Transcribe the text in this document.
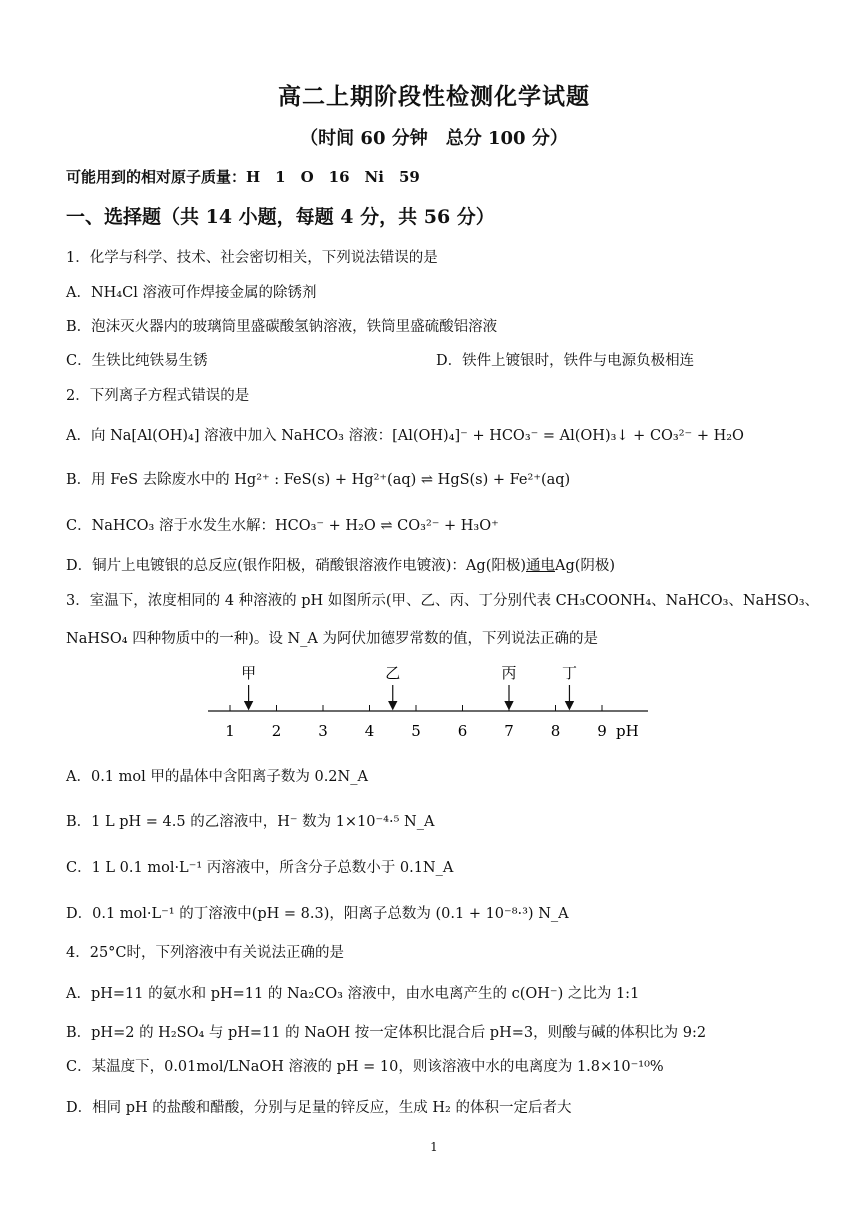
高二上期阶段性检测化学试题
（时间 60 分钟　总分 100 分）
可能用到的相对原子质量：H　1　O　16　Ni　59
一、选择题（共 14 小题，每题 4 分，共 56 分）
1．化学与科学、技术、社会密切相关，下列说法错误的是
A．NH₄Cl 溶液可作焊接金属的除锈剂
B．泡沫灭火器内的玻璃筒里盛碳酸氢钠溶液，铁筒里盛硫酸铝溶液
C．生铁比纯铁易生锈	D．铁件上镀银时，铁件与电源负极相连
2．下列离子方程式错误的是
A．向 Na[Al(OH)₄] 溶液中加入 NaHCO₃ 溶液：[Al(OH)₄]⁻ + HCO₃⁻ = Al(OH)₃↓ + CO₃²⁻ + H₂O
B．用 FeS 去除废水中的 Hg²⁺ : FeS(s) + Hg²⁺(aq) ⇌ HgS(s) + Fe²⁺(aq)
C．NaHCO₃ 溶于水发生水解：HCO₃⁻ + H₂O ⇌ CO₃²⁻ + H₃O⁺
D．铜片上电镀银的总反应(银作阳极，硝酸银溶液作电镀液)：Ag(阳极)通电Ag(阴极)
3．室温下，浓度相同的 4 种溶液的 pH 如图所示(甲、乙、丙、丁分别代表 CH₃COONH₄、NaHCO₃、NaHSO₃、
NaHSO₄ 四种物质中的一种)。设 N_A 为阿伏加德罗常数的值，下列说法正确的是
1 2 3 4 5 6 7 8 9 pH
甲	乙	丙	丁
A．0.1 mol 甲的晶体中含阳离子数为 0.2N_A
B．1 L pH = 4.5 的乙溶液中，H⁻ 数为 1×10⁻⁴·⁵ N_A
C．1 L 0.1 mol·L⁻¹ 丙溶液中，所含分子总数小于 0.1N_A
D．0.1 mol·L⁻¹ 的丁溶液中(pH = 8.3)，阳离子总数为 (0.1 + 10⁻⁸·³) N_A
4．25°C时，下列溶液中有关说法正确的是
A．pH=11 的氨水和 pH=11 的 Na₂CO₃ 溶液中，由水电离产生的 c(OH⁻) 之比为 1:1
B．pH=2 的 H₂SO₄ 与 pH=11 的 NaOH 按一定体积比混合后 pH=3，则酸与碱的体积比为 9:2
C．某温度下，0.01mol/LNaOH 溶液的 pH = 10，则该溶液中水的电离度为 1.8×10⁻¹⁰%
D．相同 pH 的盐酸和醋酸，分别与足量的锌反应，生成 H₂ 的体积一定后者大
1
